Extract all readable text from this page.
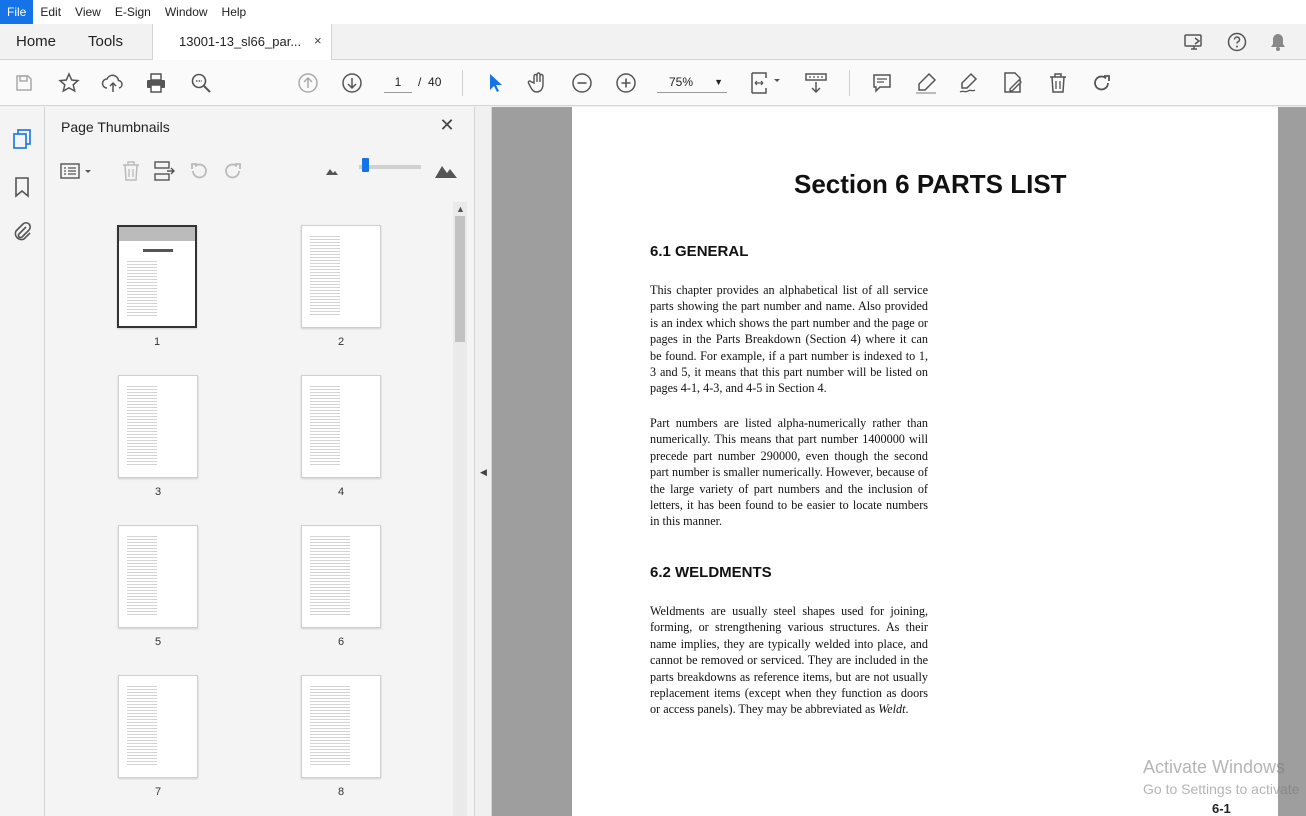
File	Edit	View	E-Sign	Window	Help
Home Tools	13001-13_sl66_par... ×
1	/ 40	75% ▼
Page Thumbnails	✕
1	2
3	4
5	6
7	8
▲
◀
Section 6 PARTS LIST
6.1 GENERAL
This chapter provides an alphabetical list of all service parts showing the part number and name. Also provided is an index which shows the part number and the page or pages in the Parts Breakdown (Section 4) where it can be found. For example, if a part number is indexed to 1, 3 and 5, it means that this part number will be listed on pages 4-1, 4-3, and 4-5 in Section 4.
Part numbers are listed alpha-numerically rather than numerically. This means that part number 1400000 will precede part number 290000, even though the second part number is smaller numerically. However, because of the large variety of part numbers and the inclusion of letters, it has been found to be easier to locate numbers in this manner.
6.2 WELDMENTS
Weldments are usually steel shapes used for joining, forming, or strengthening various structures. As their name implies, they are typically welded into place, and cannot be removed or serviced. They are included in the parts breakdowns as reference items, but are not usually replacement items (except when they function as doors or access panels). They may be abbreviated as Weldt.
6-1
Activate Windows
Go to Settings to activate
